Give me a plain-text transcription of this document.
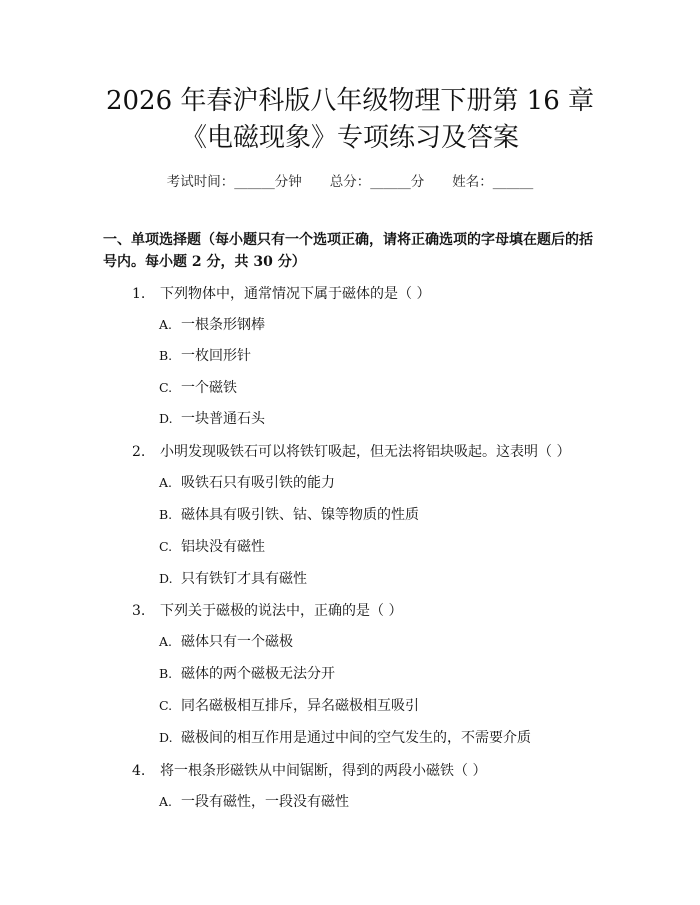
2026 年春沪科版八年级物理下册第 16 章
《电磁现象》专项练习及答案
考试时间：______分钟 总分：______分 姓名：______
一、单项选择题（每小题只有一个选项正确，请将正确选项的字母填在题后的括号内。每小题 2 分，共 30 分）
1. 下列物体中，通常情况下属于磁体的是（ ）
A. 一根条形钢棒
B. 一枚回形针
C. 一个磁铁
D. 一块普通石头
2. 小明发现吸铁石可以将铁钉吸起，但无法将铝块吸起。这表明（ ）
A. 吸铁石只有吸引铁的能力
B. 磁体具有吸引铁、钴、镍等物质的性质
C. 铝块没有磁性
D. 只有铁钉才具有磁性
3. 下列关于磁极的说法中，正确的是（ ）
A. 磁体只有一个磁极
B. 磁体的两个磁极无法分开
C. 同名磁极相互排斥，异名磁极相互吸引
D. 磁极间的相互作用是通过中间的空气发生的，不需要介质
4. 将一根条形磁铁从中间锯断，得到的两段小磁铁（ ）
A. 一段有磁性，一段没有磁性
